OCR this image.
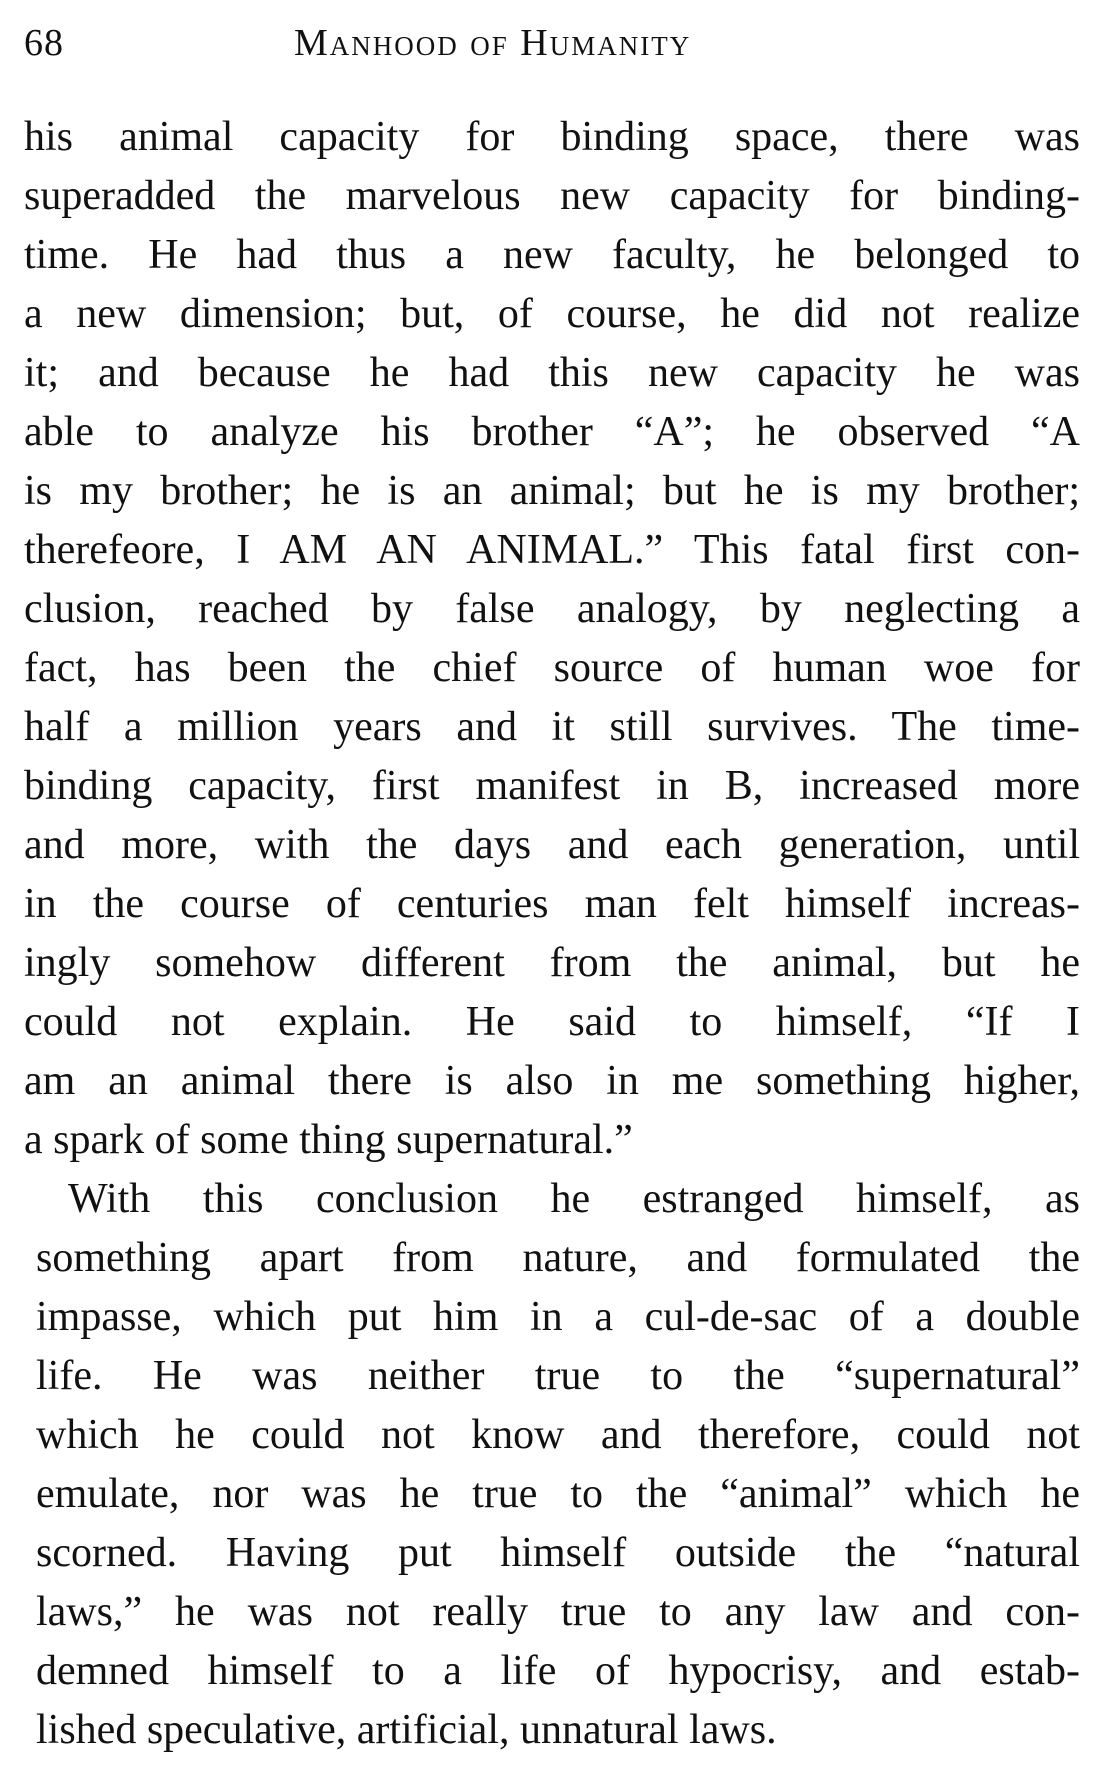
68	Manhood of Humanity
his animal capacity for binding space, there was
superadded the marvelous new capacity for binding-
time. He had thus a new faculty, he belonged to
a new dimension; but, of course, he did not realize
it; and because he had this new capacity he was
able to analyze his brother “A”; he observed “A
is my brother; he is an animal; but he is my brother;
therefeore, I AM AN ANIMAL.” This fatal first con-
clusion, reached by false analogy, by neglecting a
fact, has been the chief source of human woe for
half a million years and it still survives. The time-
binding capacity, first manifest in B, increased more
and more, with the days and each generation, until
in the course of centuries man felt himself increas-
ingly somehow different from the animal, but he
could not explain. He said to himself, “If I
am an animal there is also in me something higher,
a spark of some thing supernatural.”
With this conclusion he estranged himself, as
something apart from nature, and formulated the
impasse, which put him in a cul-de-sac of a double
life. He was neither true to the “supernatural”
which he could not know and therefore, could not
emulate, nor was he true to the “animal” which he
scorned. Having put himself outside the “natural
laws,” he was not really true to any law and con-
demned himself to a life of hypocrisy, and estab-
lished speculative, artificial, unnatural laws.
